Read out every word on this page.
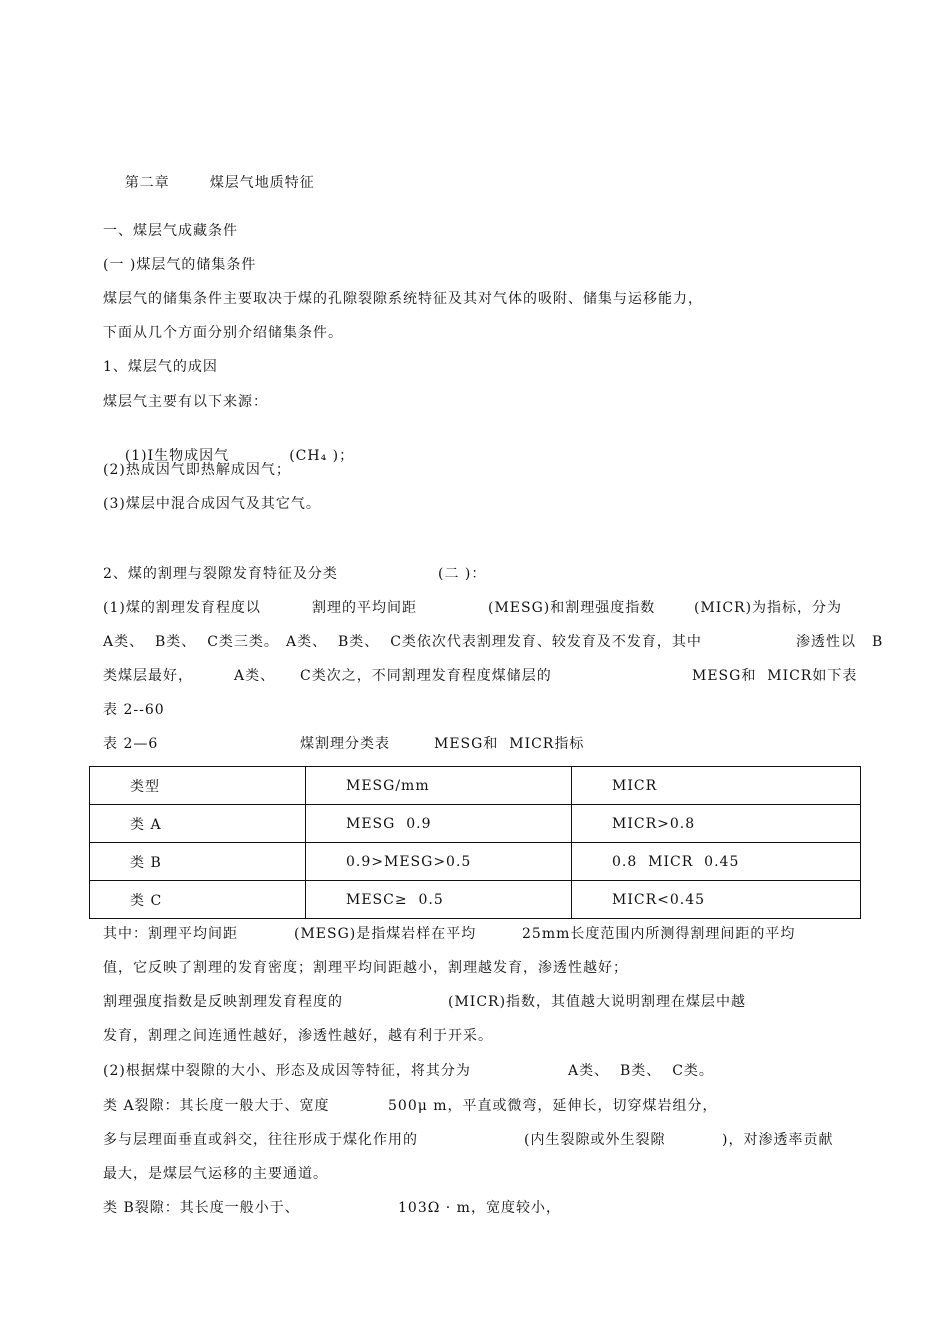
第二章	煤层气地质特征

一、煤层气成藏条件
(一 )煤层气的储集条件
煤层气的储集条件主要取决于煤的孔隙裂隙系统特征及其对气体的吸附、储集与运移能力，
下面从几个方面分别介绍储集条件。
1、煤层气的成因
煤层气主要有以下来源：

(1)I生物成因气	(CH₄ )；

(2)热成因气即热解成因气；
(3)煤层中混合成因气及其它气。
2、煤的割理与裂隙发育特征及分类	(二 )：
(1)煤的割理发育程度以	割理的平均间距	(MESG)和割理强度指数	(MICR)为指标，分为
A类、  B类、  C类三类。 A类、  B类、  C类依次代表割理发育、较发育及不发育，其中	渗透性以 B
类煤层最好，	A类、 C类次之，不同割理发育程度煤储层的	MESG和  MICR如下表
表 2--60
表 2—6	煤割理分类表	MESG和  MICR指标
类型	MESG/mm	MICR
类 A	MESG  0.9	MICR>0.8
类 B	0.9>MESG>0.5	0.8  MICR  0.45
类 C	MESC≥  0.5	MICR<0.45
其中：割理平均间距	(MESG)是指煤岩样在平均	25mm长度范围内所测得割理间距的平均
值，它反映了割理的发育密度；割理平均间距越小，割理越发育，渗透性越好；
割理强度指数是反映割理发育程度的	(MICR)指数，其值越大说明割理在煤层中越
发育，割理之间连通性越好，渗透性越好，越有利于开采。
(2)根据煤中裂隙的大小、形态及成因等特征，将其分为	A类、  B类、  C类。
类 A裂隙：其长度一般大于、宽度	500μ m，平直或微弯，延伸长，切穿煤岩组分，
多与层理面垂直或斜交，往往形成于煤化作用的	(内生裂隙或外生裂隙	)，对渗透率贡献
最大，是煤层气运移的主要通道。
类 B裂隙：其长度一般小于、	103Ω · m，宽度较小，
